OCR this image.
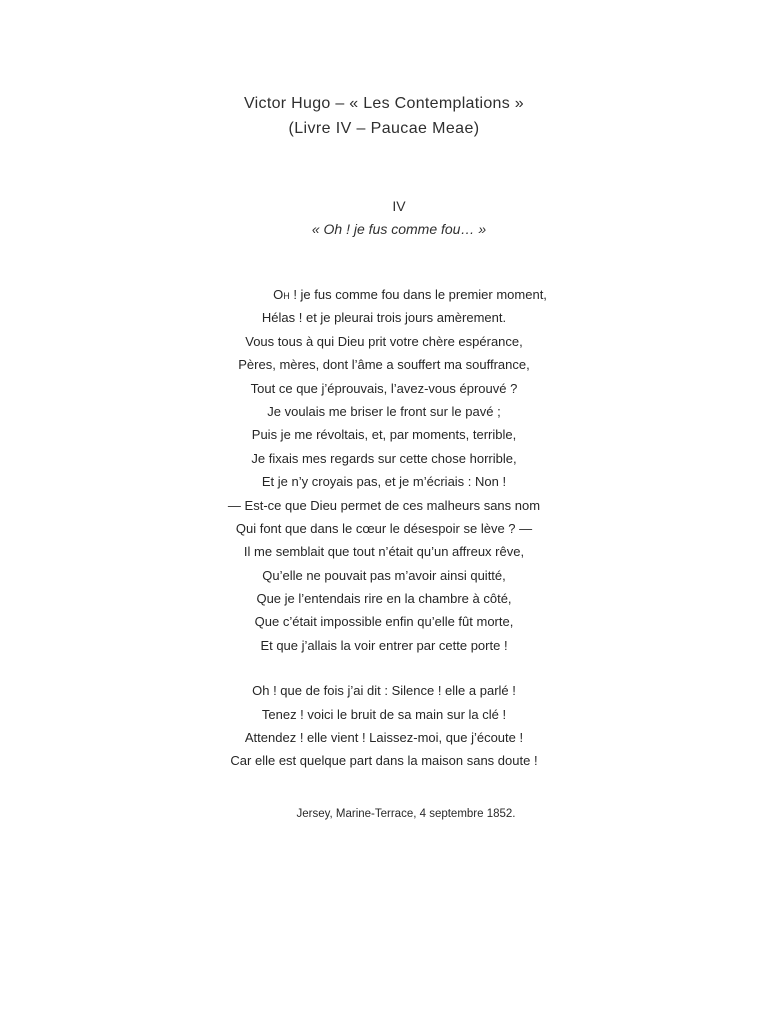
Victor Hugo – « Les Contemplations »

(Livre IV – Paucae Meae)

IV

« Oh ! je fus comme fou… »

Oh ! je fus comme fou dans le premier moment,
Hélas ! et je pleurai trois jours amèrement.
Vous tous à qui Dieu prit votre chère espérance,
Pères, mères, dont l’âme a souffert ma souffrance,
Tout ce que j’éprouvais, l’avez-vous éprouvé ?
Je voulais me briser le front sur le pavé ;
Puis je me révoltais, et, par moments, terrible,
Je fixais mes regards sur cette chose horrible,
Et je n’y croyais pas, et je m’écriais : Non !
— Est-ce que Dieu permet de ces malheurs sans nom
Qui font que dans le cœur le désespoir se lève ? —
Il me semblait que tout n’était qu’un affreux rêve,
Qu’elle ne pouvait pas m’avoir ainsi quitté,
Que je l’entendais rire en la chambre à côté,
Que c’était impossible enfin qu’elle fût morte,
Et que j’allais la voir entrer par cette porte !
Oh ! que de fois j’ai dit : Silence ! elle a parlé !
Tenez ! voici le bruit de sa main sur la clé !
Attendez ! elle vient ! Laissez-moi, que j’écoute !
Car elle est quelque part dans la maison sans doute !

Jersey, Marine-Terrace, 4 septembre 1852.
